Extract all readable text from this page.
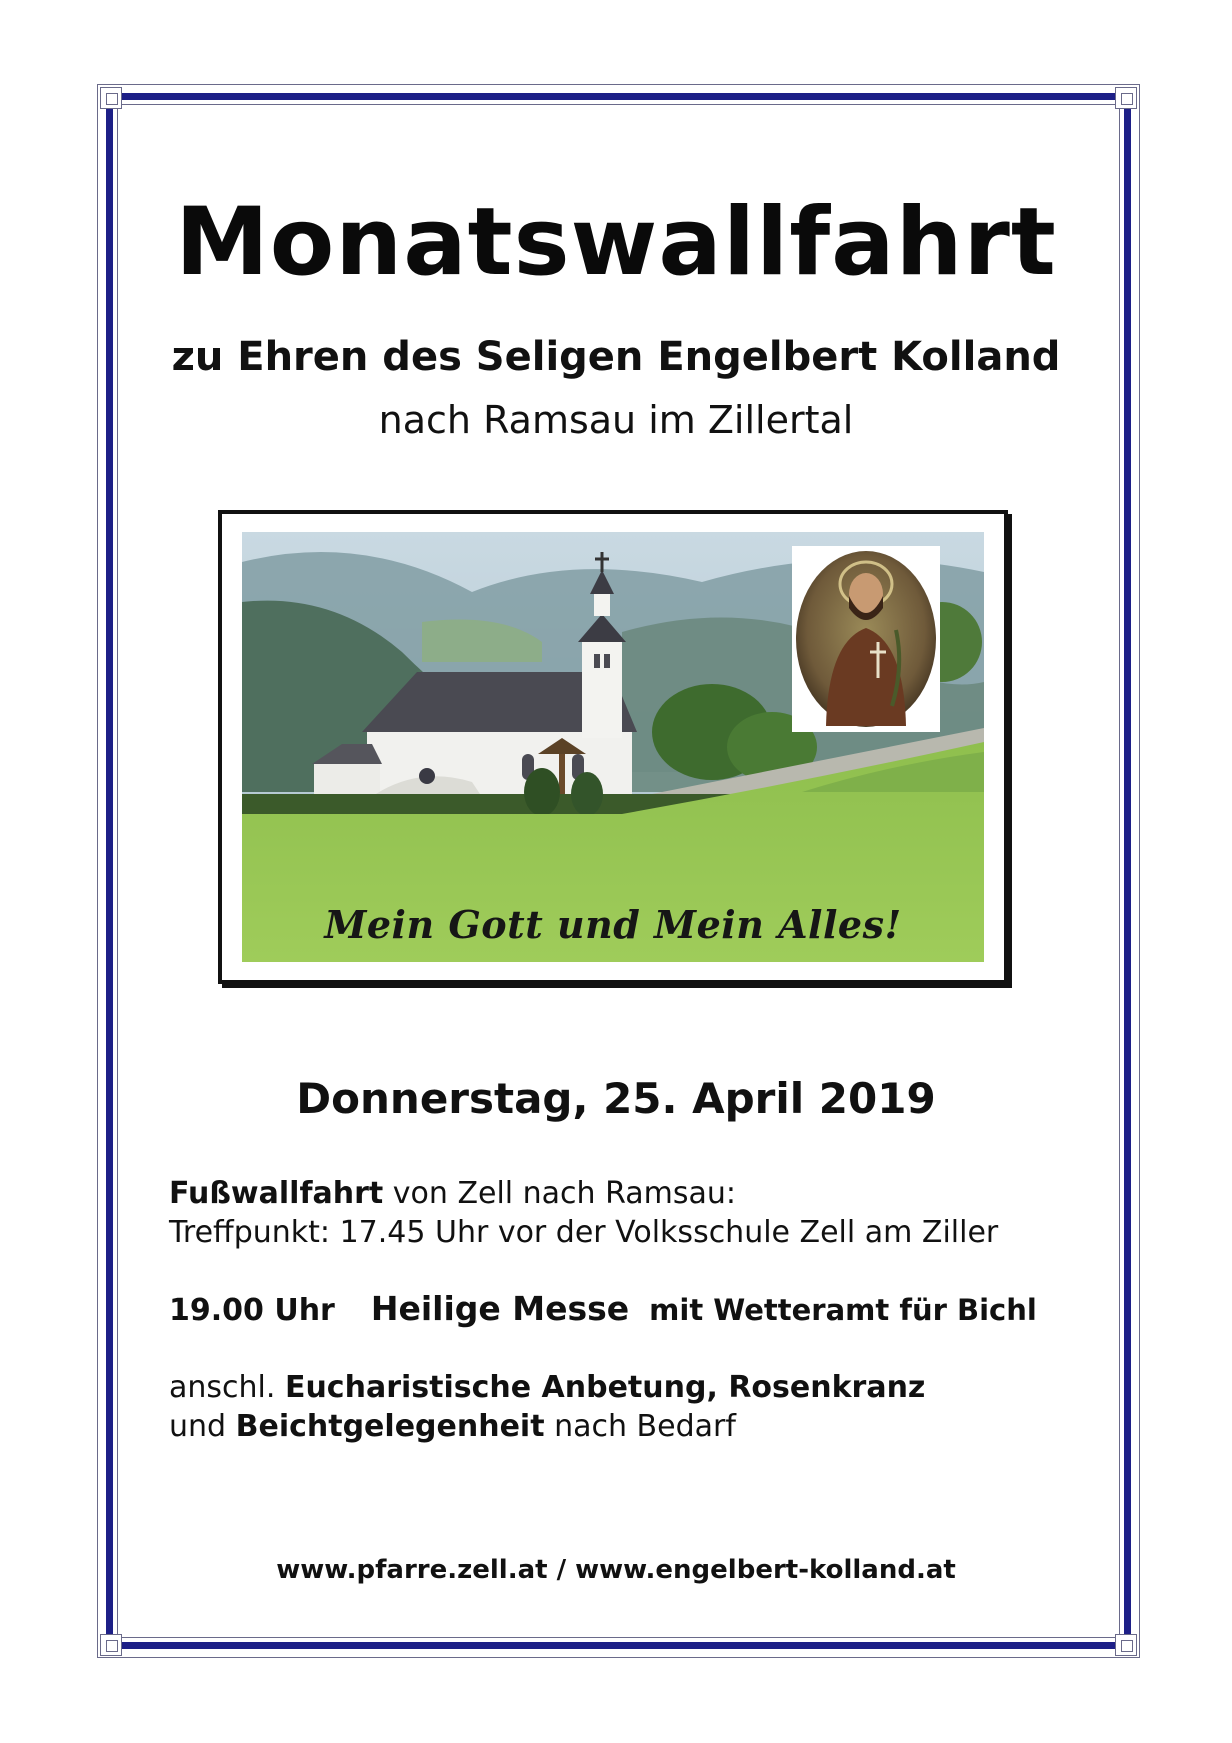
Monatswallfahrt
zu Ehren des Seligen Engelbert Kolland
nach Ramsau im Zillertal
Mein Gott und Mein Alles!
Donnerstag, 25. April 2019
Fußwallfahrt von Zell nach Ramsau:
Treffpunkt: 17.45 Uhr vor der Volksschule Zell am Ziller
19.00 Uhr Heilige Messe mit Wetteramt für Bichl
anschl. Eucharistische Anbetung, Rosenkranz
und Beichtgelegenheit nach Bedarf
www.pfarre.zell.at / www.engelbert-kolland.at
